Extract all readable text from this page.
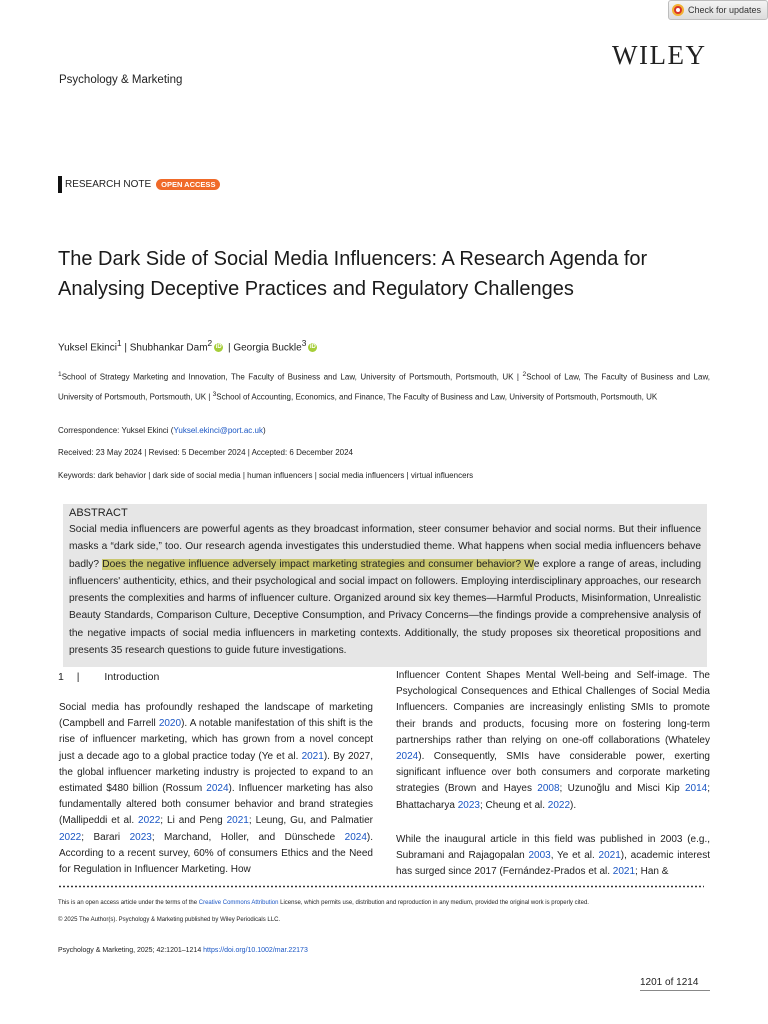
Check for updates
WILEY
Psychology & Marketing
RESEARCH NOTE	OPEN ACCESS
The Dark Side of Social Media Influencers: A Research Agenda for Analysing Deceptive Practices and Regulatory Challenges
Yuksel Ekinci$^1$ | Shubhankar Dam$^2$ iD | Georgia Buckle$^3$ iD
$^1$School of Strategy Marketing and Innovation, The Faculty of Business and Law, University of Portsmouth, Portsmouth, UK | $^2$School of Law, The Faculty of Business and Law, University of Portsmouth, Portsmouth, UK | $^3$School of Accounting, Economics, and Finance, The Faculty of Business and Law, University of Portsmouth, Portsmouth, UK
Correspondence: Yuksel Ekinci (Yuksel.ekinci@port.ac.uk)
Received: 23 May 2024 | Revised: 5 December 2024 | Accepted: 6 December 2024
Keywords: dark behavior | dark side of social media | human influencers | social media influencers | virtual influencers
ABSTRACT
Social media influencers are powerful agents as they broadcast information, steer consumer behavior and social norms. But their influence masks a “dark side,” too. Our research agenda investigates this understudied theme. What happens when social media influencers behave badly? Does the negative influence adversely impact marketing strategies and consumer behavior? We explore a range of areas, including influencers' authenticity, ethics, and their psychological and social impact on followers. Employing interdisciplinary approaches, our research presents the complexities and harms of influencer culture. Organized around six key themes—Harmful Products, Misinformation, Unrealistic Beauty Standards, Comparison Culture, Deceptive Consumption, and Privacy Concerns—the findings provide a comprehensive analysis of the negative impacts of social media influencers in marketing contexts. Additionally, the study proposes six theoretical propositions and presents 35 research questions to guide future investigations.
1 | Introduction

Social media has profoundly reshaped the landscape of marketing (Campbell and Farrell 2020). A notable manifestation of this shift is the rise of influencer marketing, which has grown from a novel concept just a decade ago to a global practice today (Ye et al. 2021). By 2027, the global influencer marketing industry is projected to expand to an estimated $480 billion (Rossum 2024). Influencer marketing has also fundamentally altered both consumer behavior and brand strategies (Mallipeddi et al. 2022; Li and Peng 2021; Leung, Gu, and Palmatier 2022; Barari 2023; Marchand, Holler, and Dünschede 2024). According to a recent survey, 60% of consumers Ethics and the Need for Regulation in Influencer Marketing. How

Influencer Content Shapes Mental Well-being and Self-image. The Psychological Consequences and Ethical Challenges of Social Media Influencers. Companies are increasingly enlisting SMIs to promote their brands and products, focusing more on fostering long-term partnerships rather than relying on one-off collaborations (Whateley 2024). Consequently, SMIs have considerable power, exerting significant influence over both consumers and corporate marketing strategies (Brown and Hayes 2008; Uzunoğlu and Misci Kip 2014; Bhattacharya 2023; Cheung et al. 2022).

While the inaugural article in this field was published in 2003 (e.g., Subramani and Rajagopalan 2003, Ye et al. 2021), academic interest has surged since 2017 (Fernández-Prados et al. 2021; Han &

This is an open access article under the terms of the Creative Commons Attribution License, which permits use, distribution and reproduction in any medium, provided the original work is properly cited.
© 2025 The Author(s). Psychology & Marketing published by Wiley Periodicals LLC.
Psychology & Marketing, 2025; 42:1201–1214 https://doi.org/10.1002/mar.22173
1201 of 1214
